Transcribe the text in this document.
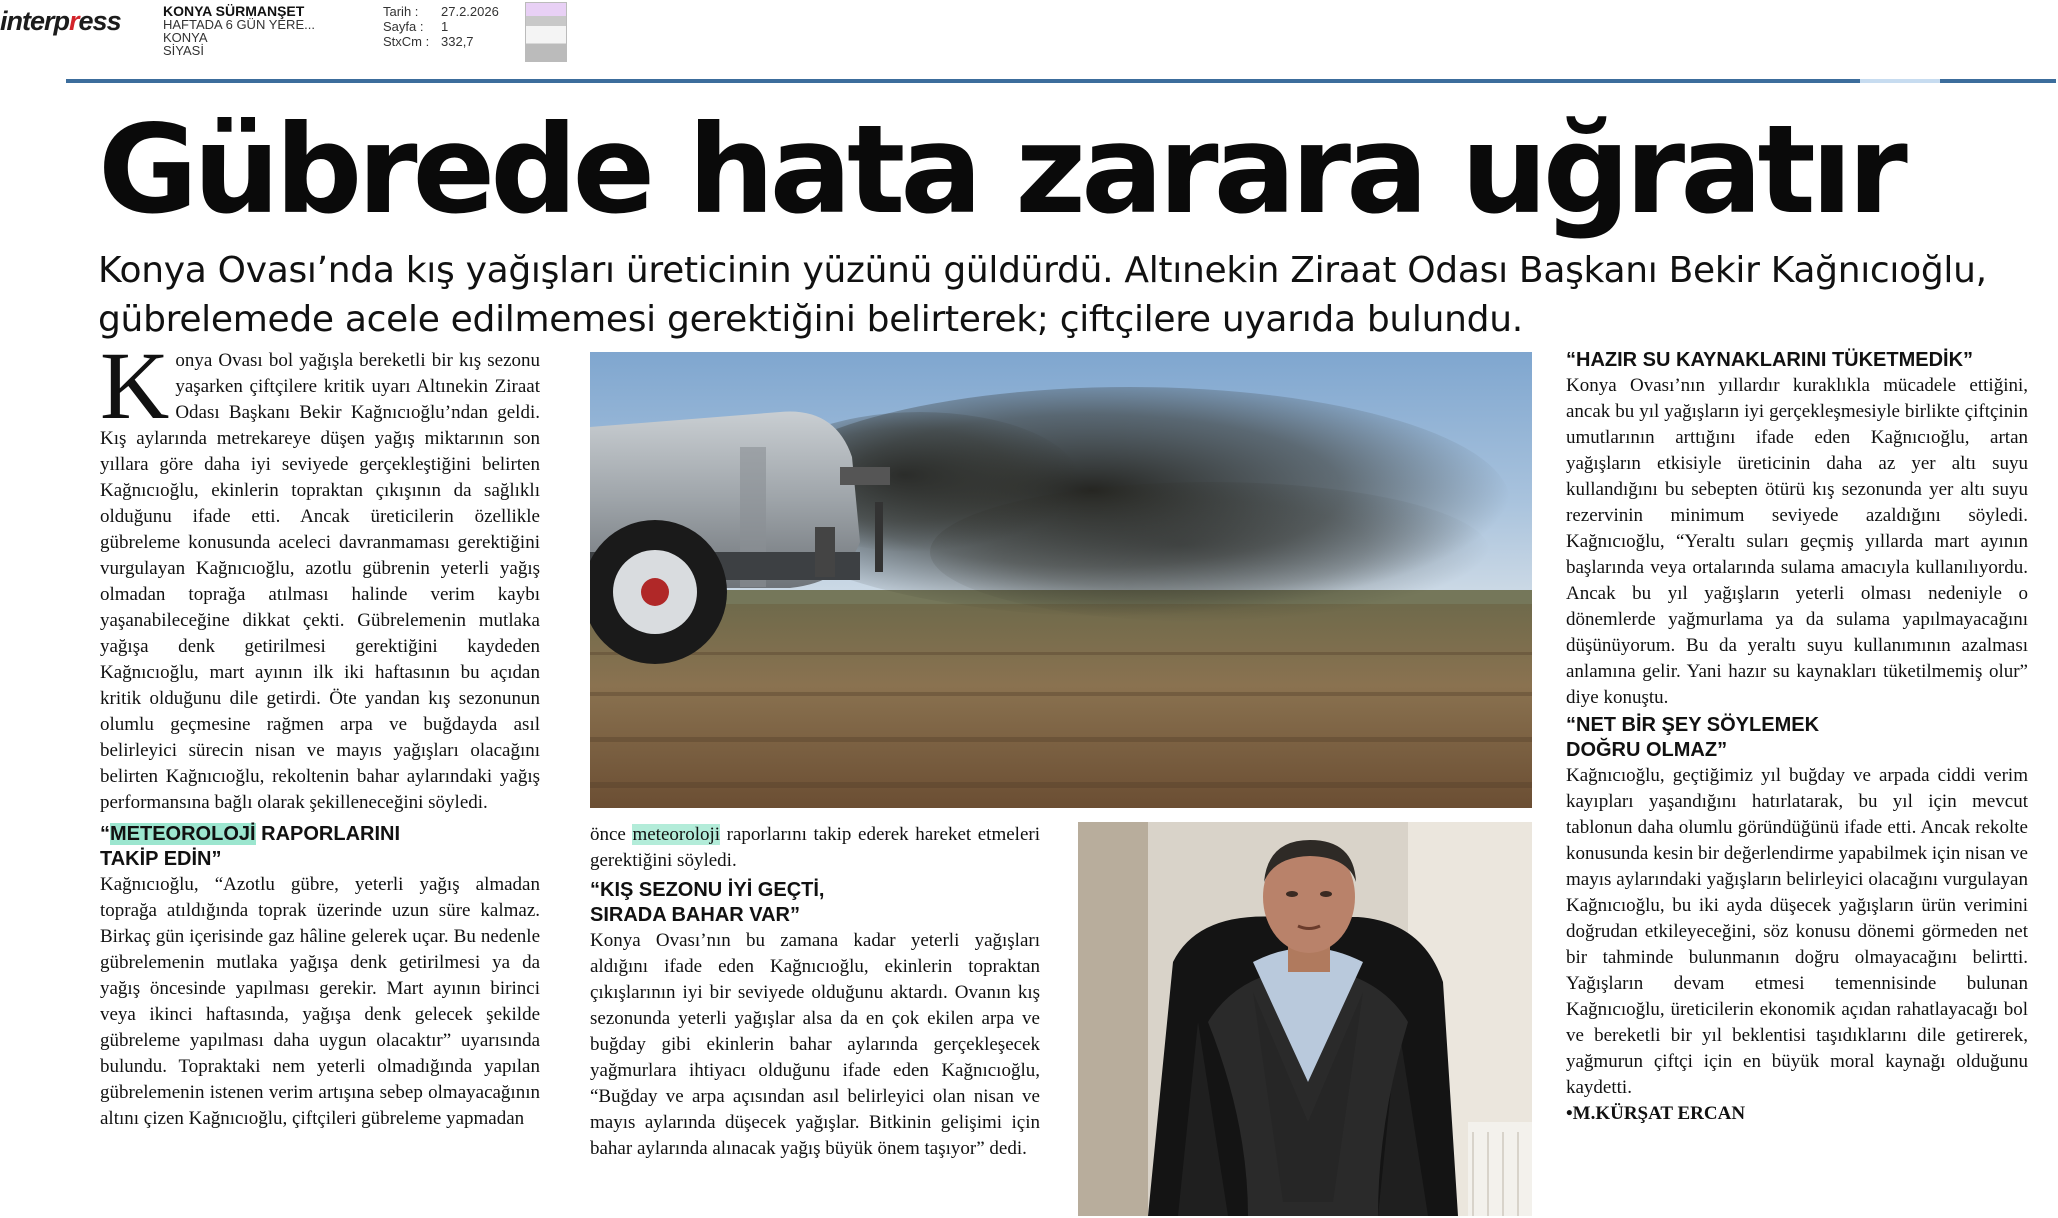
interpress	KONYA SÜRMANŞET
HAFTADA 6 GÜN YERE...
KONYA
SİYASİ
Tarih : 27.2.2026
Sayfa : 1
StxCm : 332,7
Gübrede hata zarara uğratır
Konya Ovası’nda kış yağışları üreticinin yüzünü güldürdü. Altınekin Ziraat Odası Başkanı Bekir Kağnıcıoğlu, gübrelemede acele edilmemesi gerektiğini belirterek; çiftçilere uyarıda bulundu.

Konya Ovası bol yağışla bereketli bir kış sezonu yaşarken çiftçilere kritik uyarı Altınekin Ziraat Odası Başkanı Bekir Kağnıcıoğlu’ndan geldi. Kış aylarında metrekareye düşen yağış miktarının son yıllara göre daha iyi seviyede gerçekleştiğini belirten Kağnıcıoğlu, ekinlerin topraktan çıkışının da sağlıklı olduğunu ifade etti. Ancak üreticilerin özellikle gübreleme konusunda aceleci davranmaması gerektiğini vurgulayan Kağnıcıoğlu, azotlu gübrenin yeterli yağış olmadan toprağa atılması halinde verim kaybı yaşanabileceğine dikkat çekti. Gübrelemenin mutlaka yağışa denk getirilmesi gerektiğini kaydeden Kağnıcıoğlu, mart ayının ilk iki haftasının bu açıdan kritik olduğunu dile getirdi. Öte yandan kış sezonunun olumlu geçmesine rağmen arpa ve buğdayda asıl belirleyici sürecin nisan ve mayıs yağışları olacağını belirten Kağnıcıoğlu, rekoltenin bahar aylarındaki yağış performansına bağlı olarak şekilleneceğini söyledi.

“METEOROLOJİ RAPORLARINI
TAKİP EDİN”

Kağnıcıoğlu, “Azotlu gübre, yeterli yağış almadan toprağa atıldığında toprak üzerinde uzun süre kalmaz. Birkaç gün içerisinde gaz hâline gelerek uçar. Bu nedenle gübrelemenin mutlaka yağışa denk getirilmesi ya da yağış öncesinde yapılması gerekir. Mart ayının birinci veya ikinci haftasında, yağışa denk gelecek şekilde gübreleme yapılması daha uygun olacaktır” uyarısında bulundu. Topraktaki nem yeterli olmadığında yapılan gübrelemenin istenen verim artışına sebep olmayacağının altını çizen Kağnıcıoğlu, çiftçileri gübreleme yapmadan

önce meteoroloji raporlarını takip ederek hareket etmeleri gerektiğini söyledi.

“KIŞ SEZONU İYİ GEÇTİ,
SIRADA BAHAR VAR”

Konya Ovası’nın bu zamana kadar yeterli yağışları aldığını ifade eden Kağnıcıoğlu, ekinlerin topraktan çıkışlarının iyi bir seviyede olduğunu aktardı. Ovanın kış sezonunda yeterli yağışlar alsa da en çok ekilen arpa ve buğday gibi ekinlerin bahar aylarında gerçekleşecek yağmurlara ihtiyacı olduğunu ifade eden Kağnıcıoğlu, “Buğday ve arpa açısından asıl belirleyici olan nisan ve mayıs aylarında düşecek yağışlar. Bitkinin gelişimi için bahar aylarında alınacak yağış büyük önem taşıyor” dedi.

“HAZIR SU KAYNAKLARINI TÜKETMEDİK”

Konya Ovası’nın yıllardır kuraklıkla mücadele ettiğini, ancak bu yıl yağışların iyi gerçekleşmesiyle birlikte çiftçinin umutlarının arttığını ifade eden Kağnıcıoğlu, artan yağışların etkisiyle üreticinin daha az yer altı suyu kullandığını bu sebepten ötürü kış sezonunda yer altı suyu rezervinin minimum seviyede azaldığını söyledi. Kağnıcıoğlu, “Yeraltı suları geçmiş yıllarda mart ayının başlarında veya ortalarında sulama amacıyla kullanılıyordu. Ancak bu yıl yağışların yeterli olması nedeniyle o dönemlerde yağmurlama ya da sulama yapılmayacağını düşünüyorum. Bu da yeraltı suyu kullanımının azalması anlamına gelir. Yani hazır su kaynakları tüketilmemiş olur” diye konuştu.

“NET BİR ŞEY SÖYLEMEK
DOĞRU OLMAZ”

Kağnıcıoğlu, geçtiğimiz yıl buğday ve arpada ciddi verim kayıpları yaşandığını hatırlatarak, bu yıl için mevcut tablonun daha olumlu göründüğünü ifade etti. Ancak rekolte konusunda kesin bir değerlendirme yapabilmek için nisan ve mayıs aylarındaki yağışların belirleyici olacağını vurgulayan Kağnıcıoğlu, bu iki ayda düşecek yağışların ürün verimini doğrudan etkileyeceğini, söz konusu dönemi görmeden net bir tahminde bulunmanın doğru olmayacağını belirtti. Yağışların devam etmesi temennisinde bulunan Kağnıcıoğlu, üreticilerin ekonomik açıdan rahatlayacağı bol ve bereketli bir yıl beklentisi taşıdıklarını dile getirerek, yağmurun çiftçi için en büyük moral kaynağı olduğunu kaydetti.

•M.KÜRŞAT ERCAN
